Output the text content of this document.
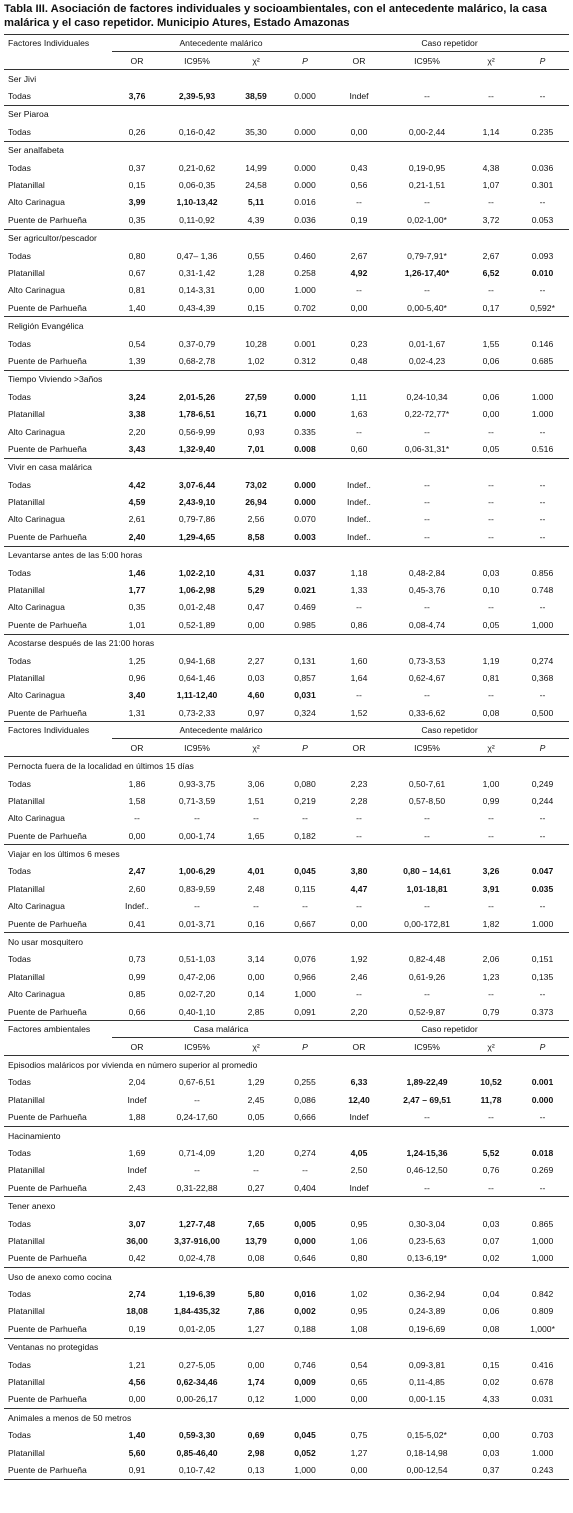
Tabla III. Asociación de factores individuales y socioambientales, con el antecedente malárico, la casa malárica y el caso repetidor. Municipio Atures, Estado Amazonas
Factores Individuales	Antecedente malárico				Caso repetidor			
	OR	IC95%	χ²	P	OR	IC95%	χ²	P
Ser Jivi								
Todas	3,76	2,39-5,93	38,59	0.000	Indef	--	--	--
Ser Piaroa								
Todas	0,26	0,16-0,42	35,30	0.000	0,00	0,00-2,44	1,14	0.235
Ser analfabeta								
Todas	0,37	0,21-0,62	14,99	0.000	0,43	0,19-0,95	4,38	0.036
Platanillal	0,15	0,06-0,35	24,58	0.000	0,56	0,21-1,51	1,07	0.301
Alto Carinagua	3,99	1,10-13,42	5,11	0.016	--	--	--	--
Puente de Parhueña	0,35	0,11-0,92	4,39	0.036	0,19	0,02-1,00*	3,72	0.053
Ser agricultor/pescador								
Todas	0,80	0,47– 1,36	0,55	0.460	2,67	0,79-7,91*	2,67	0.093
Platanillal	0,67	0,31-1,42	1,28	0.258	4,92	1,26-17,40*	6,52	0.010
Alto Carinagua	0,81	0,14-3,31	0,00	1.000	--	--	--	--
Puente de Parhueña	1,40	0,43-4,39	0,15	0.702	0,00	0,00-5,40*	0,17	0,592*
Religión Evangélica								
Todas	0,54	0,37-0,79	10,28	0.001	0,23	0,01-1,67	1,55	0.146
Puente de Parhueña	1,39	0,68-2,78	1,02	0.312	0,48	0,02-4,23	0,06	0.685
Tiempo Viviendo >3años								
Todas	3,24	2,01-5,26	27,59	0.000	1,11	0,24-10,34	0,06	1.000
Platanillal	3,38	1,78-6,51	16,71	0.000	1,63	0,22-72,77*	0,00	1.000
Alto Carinagua	2,20	0,56-9,99	0,93	0.335	--	--	--	--
Puente de Parhueña	3,43	1,32-9,40	7,01	0.008	0,60	0,06-31,31*	0,05	0.516
Vivir en casa malárica								
Todas	4,42	3,07-6,44	73,02	0.000	Indef..	--	--	--
Platanillal	4,59	2,43-9,10	26,94	0.000	Indef..	--	--	--
Alto Carinagua	2,61	0,79-7,86	2,56	0.070	Indef..	--	--	--
Puente de Parhueña	2,40	1,29-4,65	8,58	0.003	Indef..	--	--	--
Levantarse antes de las 5:00 horas								
Todas	1,46	1,02-2,10	4,31	0.037	1,18	0,48-2,84	0,03	0.856
Platanillal	1,77	1,06-2,98	5,29	0.021	1,33	0,45-3,76	0,10	0.748
Alto Carinagua	0,35	0,01-2,48	0,47	0.469	--	--	--	--
Puente de Parhueña	1,01	0,52-1,89	0,00	0.985	0,86	0,08-4,74	0,05	1,000
Acostarse después de las 21:00 horas								
Todas	1,25	0,94-1,68	2,27	0,131	1,60	0,73-3,53	1,19	0,274
Platanillal	0,96	0,64-1,46	0,03	0,857	1,64	0,62-4,67	0,81	0,368
Alto Carinagua	3,40	1,11-12,40	4,60	0,031	--	--	--	--
Puente de Parhueña	1,31	0,73-2,33	0,97	0,324	1,52	0,33-6,62	0,08	0,500
Factores Individuales	Antecedente malárico				Caso repetidor			
	OR	IC95%	χ²	P	OR	IC95%	χ²	P
Pernocta fuera de la localidad en últimos 15 días								
Todas	1,86	0,93-3,75	3,06	0,080	2,23	0,50-7,61	1,00	0,249
Platanillal	1,58	0,71-3,59	1,51	0,219	2,28	0,57-8,50	0,99	0,244
Alto Carinagua	--	--	--	--	--	--	--	--
Puente de Parhueña	0,00	0,00-1,74	1,65	0,182	--	--	--	--
Viajar en los últimos 6 meses								
Todas	2,47	1,00-6,29	4,01	0,045	3,80	0,80 – 14,61	3,26	0.047
Platanillal	2,60	0,83-9,59	2,48	0,115	4,47	1,01-18,81	3,91	0.035
Alto Carinagua	Indef..	--	--	--	--	--	--	--
Puente de Parhueña	0,41	0,01-3,71	0,16	0,667	0,00	0,00-172,81	1,82	1.000
No usar mosquitero								
Todas	0,73	0,51-1,03	3,14	0,076	1,92	0,82-4,48	2,06	0,151
Platanillal	0,99	0,47-2,06	0,00	0,966	2,46	0,61-9,26	1,23	0,135
Alto Carinagua	0,85	0,02-7,20	0,14	1,000	--	--	--	--
Puente de Parhueña	0,66	0,40-1,10	2,85	0,091	2,20	0,52-9,87	0,79	0.373
Factores ambientales	Casa malárica				Caso repetidor			
	OR	IC95%	χ²	P	OR	IC95%	χ²	P
Episodios maláricos por vivienda en número superior al promedio								
Todas	2,04	0,67-6,51	1,29	0,255	6,33	1,89-22,49	10,52	0.001
Platanillal	Indef	--	2,45	0,086	12,40	2,47 – 69,51	11,78	0.000
Puente de Parhueña	1,88	0,24-17,60	0,05	0,666	Indef	--	--	--
Hacinamiento								
Todas	1,69	0,71-4,09	1,20	0,274	4,05	1,24-15,36	5,52	0.018
Platanillal	Indef	--	--	--	2,50	0,46-12,50	0,76	0.269
Puente de Parhueña	2,43	0,31-22,88	0,27	0,404	Indef	--	--	--
Tener anexo								
Todas	3,07	1,27-7,48	7,65	0,005	0,95	0,30-3,04	0,03	0.865
Platanillal	36,00	3,37-916,00	13,79	0,000	1,06	0,23-5,63	0,07	1,000
Puente de Parhueña	0,42	0,02-4,78	0,08	0,646	0,80	0,13-6,19*	0,02	1,000
Uso de anexo como cocina								
Todas	2,74	1,19-6,39	5,80	0,016	1,02	0,36-2,94	0,04	0.842
Platanillal	18,08	1,84-435,32	7,86	0,002	0,95	0,24-3,89	0,06	0.809
Puente de Parhueña	0,19	0,01-2,05	1,27	0,188	1,08	0,19-6,69	0,08	1,000*
Ventanas no protegidas								
Todas	1,21	0,27-5,05	0,00	0,746	0,54	0,09-3,81	0,15	0.416
Platanillal	4,56	0,62-34,46	1,74	0,009	0,65	0,11-4,85	0,02	0.678
Puente de Parhueña	0,00	0,00-26,17	0,12	1,000	0,00	0,00-1.15	4,33	0.031
Animales a menos de 50 metros								
Todas	1,40	0,59-3,30	0,69	0,045	0,75	0,15-5,02*	0,00	0.703
Platanillal	5,60	0,85-46,40	2,98	0,052	1,27	0,18-14,98	0,03	1.000
Puente de Parhueña	0,91	0,10-7,42	0,13	1,000	0,00	0,00-12,54	0,37	0.243
